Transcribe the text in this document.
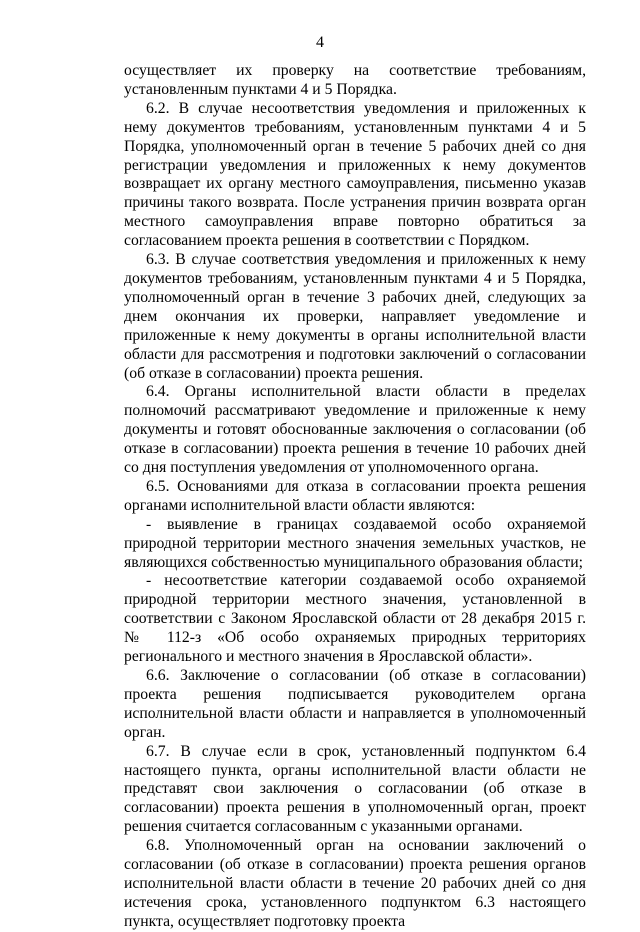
4

осуществляет их проверку на соответствие требованиям, установленным пунктами 4 и 5 Порядка.

6.2. В случае несоответствия уведомления и приложенных к нему документов требованиям, установленным пунктами 4 и 5 Порядка, уполномоченный орган в течение 5 рабочих дней со дня регистрации уведомления и приложенных к нему документов возвращает их органу местного самоуправления, письменно указав причины такого возврата. После устранения причин возврата орган местного самоуправления вправе повторно обратиться за согласованием проекта решения в соответствии с Порядком.

6.3. В случае соответствия уведомления и приложенных к нему документов требованиям, установленным пунктами 4 и 5 Порядка, уполномоченный орган в течение 3 рабочих дней, следующих за днем окончания их проверки, направляет уведомление и приложенные к нему документы в органы исполнительной власти области для рассмотрения и подготовки заключений о согласовании (об отказе в согласовании) проекта решения.

6.4. Органы исполнительной власти области в пределах полномочий рассматривают уведомление и приложенные к нему документы и готовят обоснованные заключения о согласовании (об отказе в согласовании) проекта решения в течение 10 рабочих дней со дня поступления уведомления от уполномоченного органа.

6.5. Основаниями для отказа в согласовании проекта решения органами исполнительной власти области являются:

- выявление в границах создаваемой особо охраняемой природной территории местного значения земельных участков, не являющихся собственностью муниципального образования области;

- несоответствие категории создаваемой особо охраняемой природной территории местного значения, установленной в соответствии с Законом Ярославской области от 28 декабря 2015 г. № 112-з «Об особо охраняемых природных территориях регионального и местного значения в Ярославской области».

6.6. Заключение о согласовании (об отказе в согласовании) проекта решения подписывается руководителем органа исполнительной власти области и направляется в уполномоченный орган.

6.7. В случае если в срок, установленный подпунктом 6.4 настоящего пункта, органы исполнительной власти области не представят свои заключения о согласовании (об отказе в согласовании) проекта решения в уполномоченный орган, проект решения считается согласованным с указанными органами.

6.8. Уполномоченный орган на основании заключений о согласовании (об отказе в согласовании) проекта решения органов исполнительной власти области в течение 20 рабочих дней со дня истечения срока, установленного подпунктом 6.3 настоящего пункта, осуществляет подготовку проекта
